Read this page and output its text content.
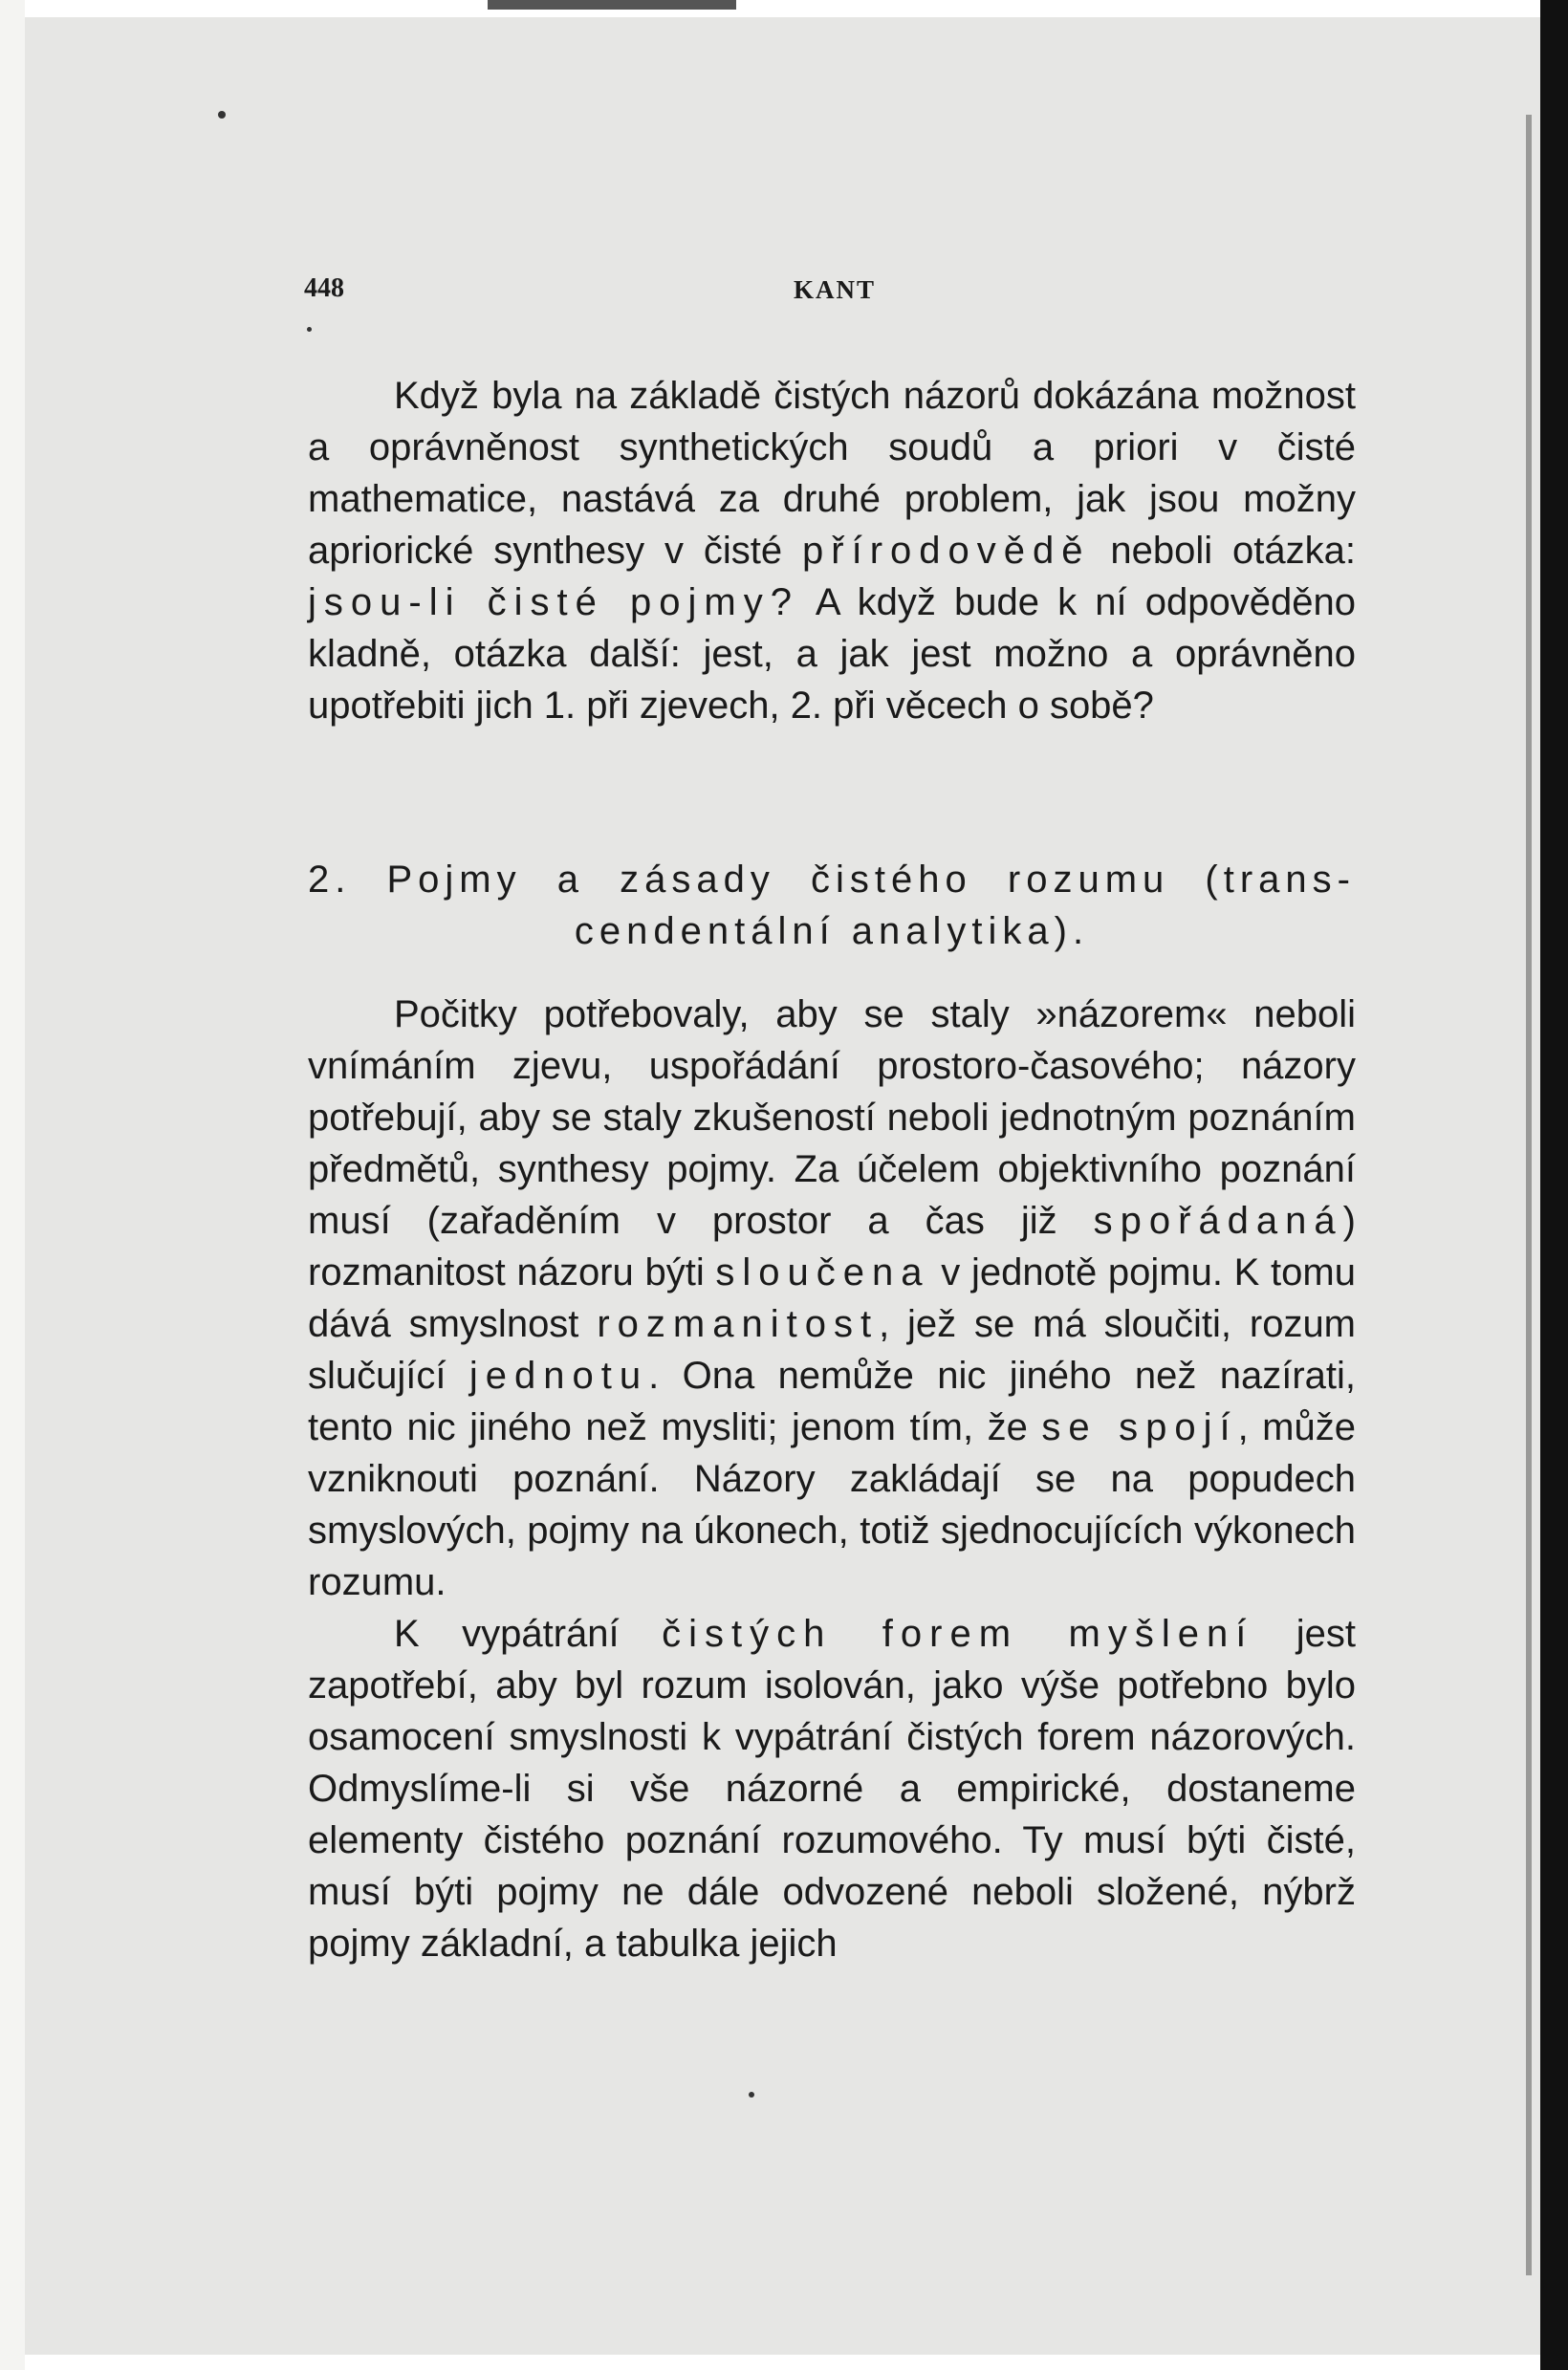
448	KANT

Když byla na základě čistých názorů dokázána možnost a oprávněnost synthetických soudů a priori v čisté mathematice, nastává za druhé problem, jak jsou možny apriorické synthesy v čisté přírodovědě neboli otázka: jsou-li čisté pojmy? A když bude k ní odpověděno kladně, otázka další: jest, a jak jest možno a oprávněno upotřebiti jich 1. při zjevech, 2. při věcech o sobě?

2. Pojmy a zásady čistého rozumu (trans-
cendentální analytika).

Počitky potřebovaly, aby se staly »názorem« neboli vnímáním zjevu, uspořádání prostoro-časového; názory potřebují, aby se staly zkušeností neboli jednotným poznáním předmětů, synthesy pojmy. Za účelem objektivního poznání musí (zařaděním v prostor a čas již spořádaná) rozmanitost názoru býti sloučena v jednotě pojmu. K tomu dává smyslnost rozmanitost, jež se má sloučiti, rozum slučující jednotu. Ona nemůže nic jiného než nazírati, tento nic jiného než mysliti; jenom tím, že se spojí, může vzniknouti poznání. Názory zakládají se na popudech smyslových, pojmy na úkonech, totiž sjednocujících výkonech rozumu.

K vypátrání čistých forem myšlení jest zapotřebí, aby byl rozum isolován, jako výše potřebno bylo osamocení smyslnosti k vypátrání čistých forem názorových. Odmyslíme-li si vše názorné a empirické, dostaneme elementy čistého poznání rozumového. Ty musí býti čisté, musí býti pojmy ne dále odvozené neboli složené, nýbrž pojmy základní, a tabulka jejich
